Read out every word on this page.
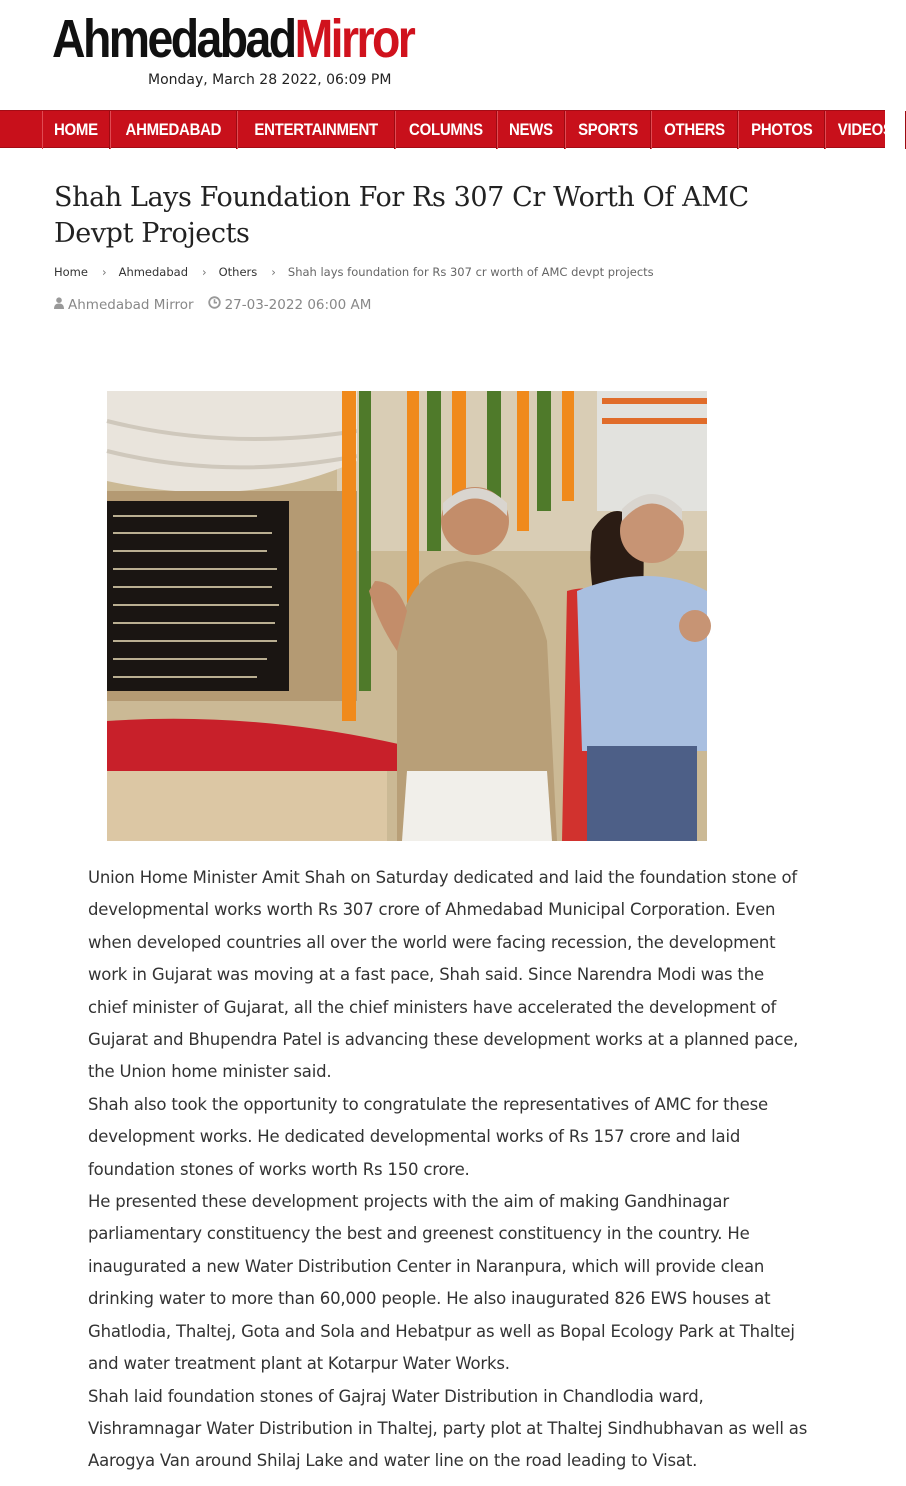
AhmedabadMirror
Monday, March 28 2022, 06:09 PM
HOME	AHMEDABAD	ENTERTAINMENT	COLUMNS	NEWS	SPORTS	OTHERS	PHOTOS	VIDEOS
Shah Lays Foundation For Rs 307 Cr Worth Of AMC Devpt Projects
Home › Ahmedabad › Others › Shah lays foundation for Rs 307 cr worth of AMC devpt projects
Ahmedabad Mirror 27-03-2022 06:00 AM

Union Home Minister Amit Shah on Saturday dedicated and laid the foundation stone of developmental works worth Rs 307 crore of Ahmedabad Municipal Corporation. Even when developed countries all over the world were facing recession, the development work in Gujarat was moving at a fast pace, Shah said. Since Narendra Modi was the chief minister of Gujarat, all the chief ministers have accelerated the development of Gujarat and Bhupendra Patel is advancing these development works at a planned pace, the Union home minister said.

Shah also took the opportunity to congratulate the representatives of AMC for these development works. He dedicated developmental works of Rs 157 crore and laid foundation stones of works worth Rs 150 crore.

He presented these development projects with the aim of making Gandhinagar parliamentary constituency the best and greenest constituency in the country. He inaugurated a new Water Distribution Center in Naranpura, which will provide clean drinking water to more than 60,000 people. He also inaugurated 826 EWS houses at Ghatlodia, Thaltej, Gota and Sola and Hebatpur as well as Bopal Ecology Park at Thaltej and water treatment plant at Kotarpur Water Works.

Shah laid foundation stones of Gajraj Water Distribution in Chandlodia ward, Vishramnagar Water Distribution in Thaltej, party plot at Thaltej Sindhubhavan as well as Aarogya Van around Shilaj Lake and water line on the road leading to Visat.
